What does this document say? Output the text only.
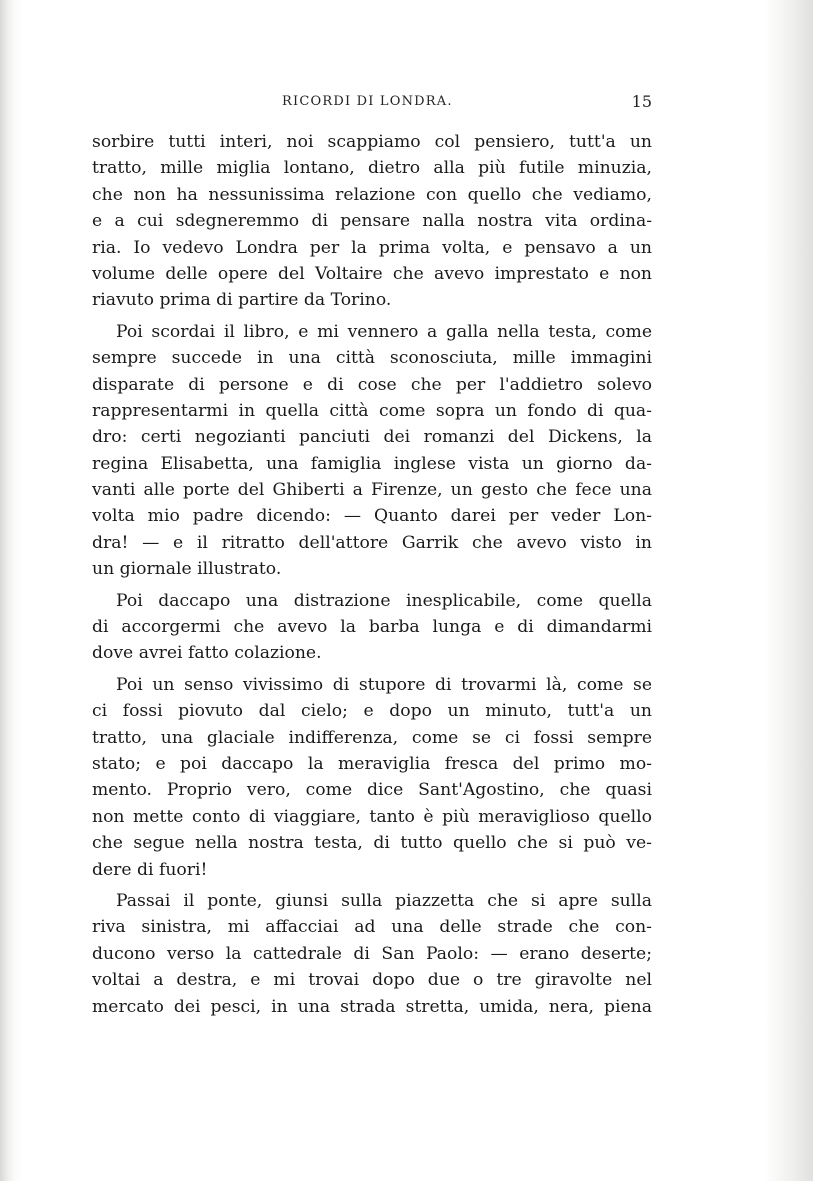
RICORDI DI LONDRA.	15
sorbire tutti interi, noi scappiamo col pensiero, tutt'a un
tratto, mille miglia lontano, dietro alla più futile minuzia,
che non ha nessunissima relazione con quello che vediamo,
e a cui sdegneremmo di pensare nalla nostra vita ordina-
ria. Io vedevo Londra per la prima volta, e pensavo a un
volume delle opere del Voltaire che avevo imprestato e non
riavuto prima di partire da Torino.
Poi scordai il libro, e mi vennero a galla nella testa, come
sempre succede in una città sconosciuta, mille immagini
disparate di persone e di cose che per l'addietro solevo
rappresentarmi in quella città come sopra un fondo di qua-
dro: certi negozianti panciuti dei romanzi del Dickens, la
regina Elisabetta, una famiglia inglese vista un giorno da-
vanti alle porte del Ghiberti a Firenze, un gesto che fece una
volta mio padre dicendo: — Quanto darei per veder Lon-
dra! — e il ritratto dell'attore Garrik che avevo visto in
un giornale illustrato.
Poi daccapo una distrazione inesplicabile, come quella
di accorgermi che avevo la barba lunga e di dimandarmi
dove avrei fatto colazione.
Poi un senso vivissimo di stupore di trovarmi là, come se
ci fossi piovuto dal cielo; e dopo un minuto, tutt'a un
tratto, una glaciale indifferenza, come se ci fossi sempre
stato; e poi daccapo la meraviglia fresca del primo mo-
mento. Proprio vero, come dice Sant'Agostino, che quasi
non mette conto di viaggiare, tanto è più meraviglioso quello
che segue nella nostra testa, di tutto quello che si può ve-
dere di fuori!
Passai il ponte, giunsi sulla piazzetta che si apre sulla
riva sinistra, mi affacciai ad una delle strade che con-
ducono verso la cattedrale di San Paolo: — erano deserte;
voltai a destra, e mi trovai dopo due o tre giravolte nel
mercato dei pesci, in una strada stretta, umida, nera, piena
